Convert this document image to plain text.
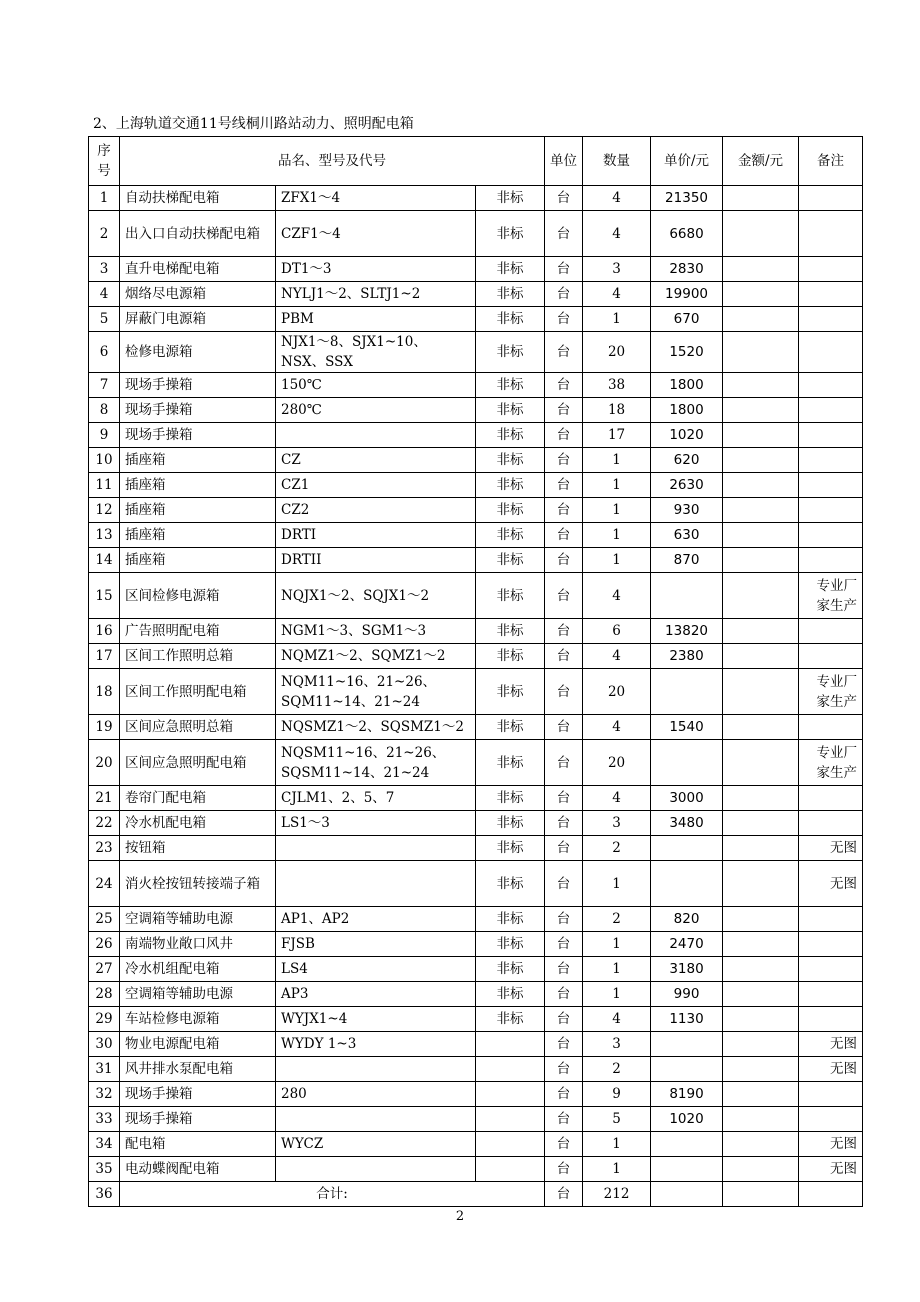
2、上海轨道交通11号线桐川路站动力、照明配电箱
序号	品名、型号及代号			单位	数量	单价/元	金额/元	备注
1	自动扶梯配电箱	ZFX1～4	非标	台	4	21350		
2	出入口自动扶梯配电箱	CZF1～4	非标	台	4	6680		
3	直升电梯配电箱	DT1～3	非标	台	3	2830		
4	烟络尽电源箱	NYLJ1～2、SLTJ1~2	非标	台	4	19900		
5	屏蔽门电源箱	PBM	非标	台	1	670		
6	检修电源箱	NJX1～8、SJX1~10、NSX、SSX	非标	台	20	1520		
7	现场手操箱	150℃	非标	台	38	1800		
8	现场手操箱	280℃	非标	台	18	1800		
9	现场手操箱		非标	台	17	1020		
10	插座箱	CZ	非标	台	1	620		
11	插座箱	CZ1	非标	台	1	2630		
12	插座箱	CZ2	非标	台	1	930		
13	插座箱	DRTI	非标	台	1	630		
14	插座箱	DRTII	非标	台	1	870		
15	区间检修电源箱	NQJX1～2、SQJX1～2	非标	台	4			专业厂家生产
16	广告照明配电箱	NGM1～3、SGM1～3	非标	台	6	13820		
17	区间工作照明总箱	NQMZ1～2、SQMZ1～2	非标	台	4	2380		
18	区间工作照明配电箱	NQM11~16、21~26、SQM11~14、21~24	非标	台	20			专业厂家生产
19	区间应急照明总箱	NQSMZ1～2、SQSMZ1～2	非标	台	4	1540		
20	区间应急照明配电箱	NQSM11~16、21~26、SQSM11~14、21~24	非标	台	20			专业厂家生产
21	卷帘门配电箱	CJLM1、2、5、7	非标	台	4	3000		
22	冷水机配电箱	LS1～3	非标	台	3	3480		
23	按钮箱		非标	台	2			无图
24	消火栓按钮转接端子箱		非标	台	1			无图
25	空调箱等辅助电源	AP1、AP2	非标	台	2	820		
26	南端物业敞口风井	FJSB	非标	台	1	2470		
27	冷水机组配电箱	LS4	非标	台	1	3180		
28	空调箱等辅助电源	AP3	非标	台	1	990		
29	车站检修电源箱	WYJX1~4	非标	台	4	1130		
30	物业电源配电箱	WYDY 1~3		台	3			无图
31	风井排水泵配电箱			台	2			无图
32	现场手操箱	280		台	9	8190		
33	现场手操箱			台	5	1020		
34	配电箱	WYCZ		台	1			无图
35	电动蝶阀配电箱			台	1			无图
36	合计:			台	212			
2
